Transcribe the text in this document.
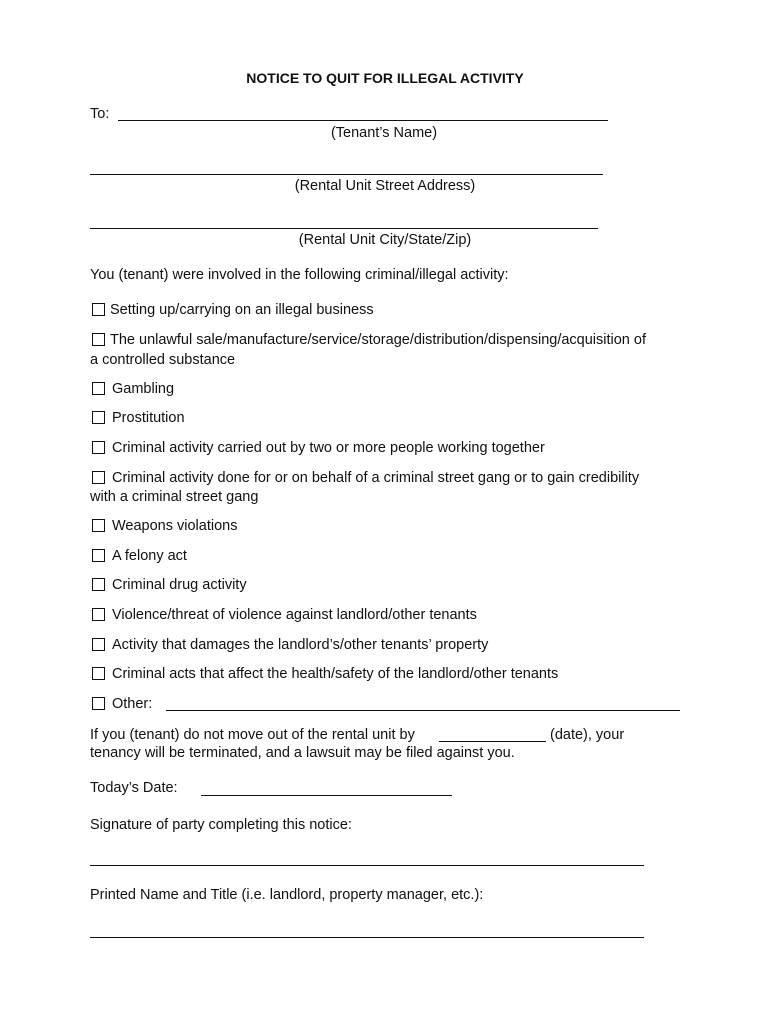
NOTICE TO QUIT FOR ILLEGAL ACTIVITY
To:
(Tenant’s Name)
(Rental Unit Street Address)
(Rental Unit City/State/Zip)
You (tenant) were involved in the following criminal/illegal activity:
Setting up/carrying on an illegal business
The unlawful sale/manufacture/service/storage/distribution/dispensing/acquisition of
a controlled substance
Gambling
Prostitution
Criminal activity carried out by two or more people working together
Criminal activity done for or on behalf of a criminal street gang or to gain credibility
with a criminal street gang
Weapons violations
A felony act
Criminal drug activity
Violence/threat of violence against landlord/other tenants
Activity that damages the landlord’s/other tenants’ property
Criminal acts that affect the health/safety of the landlord/other tenants
Other:
If you (tenant) do not move out of the rental unit by	(date), your
tenancy will be terminated, and a lawsuit may be filed against you.
Today’s Date:
Signature of party completing this notice:
Printed Name and Title (i.e. landlord, property manager, etc.):
